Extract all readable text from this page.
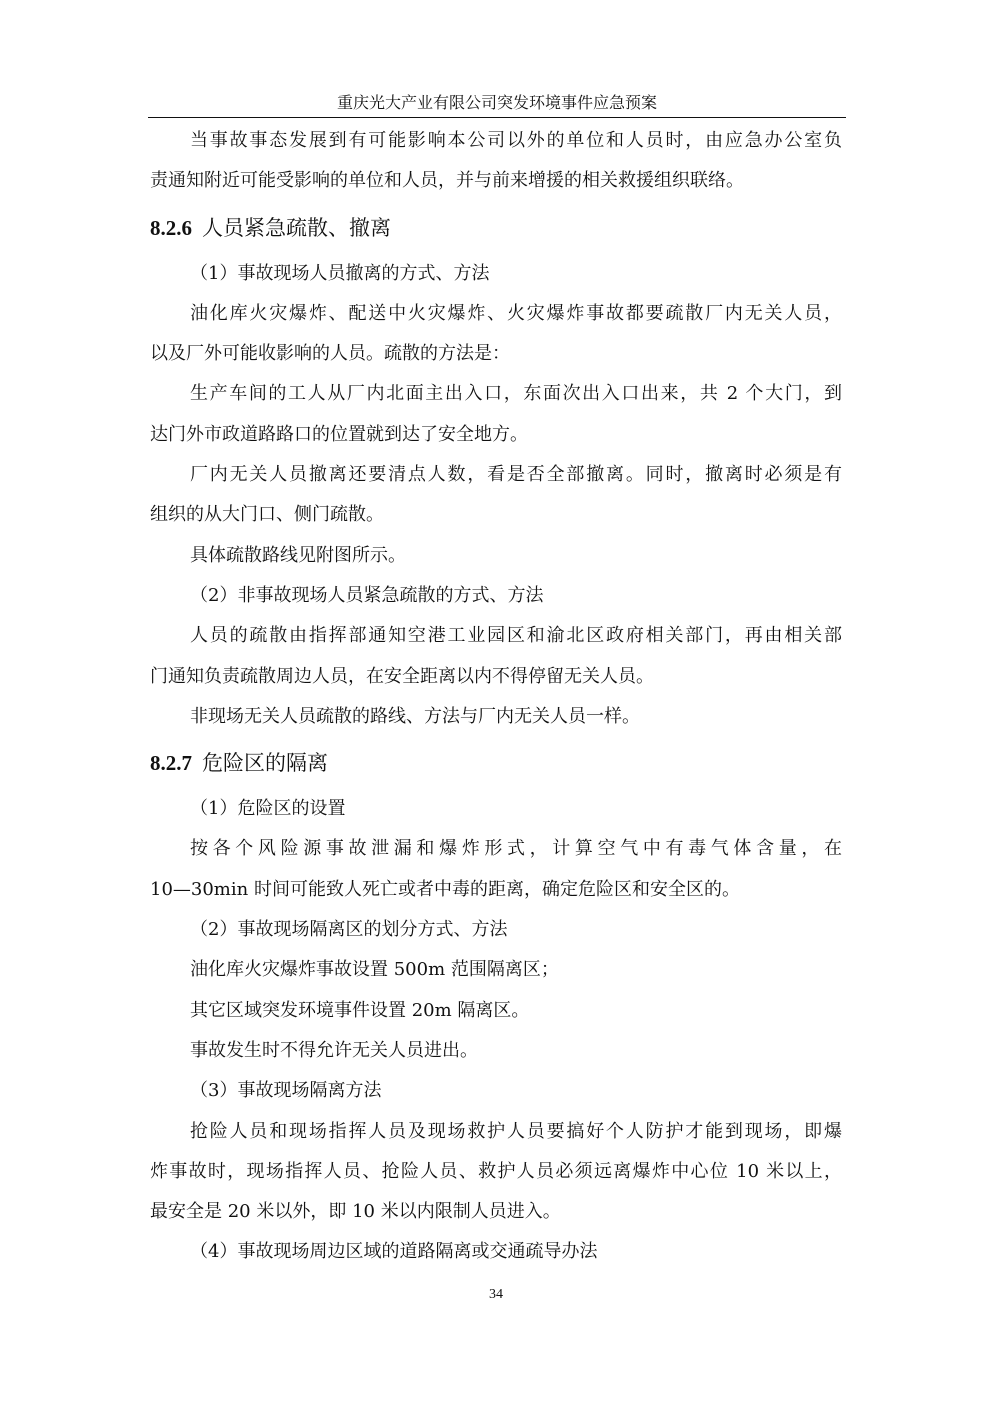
重庆光大产业有限公司突发环境事件应急预案
当事故事态发展到有可能影响本公司以外的单位和人员时，由应急办公室负
责通知附近可能受影响的单位和人员，并与前来增援的相关救援组织联络。
8.2.6 人员紧急疏散、撤离
（1）事故现场人员撤离的方式、方法
油化库火灾爆炸、配送中火灾爆炸、火灾爆炸事故都要疏散厂内无关人员，
以及厂外可能收影响的人员。疏散的方法是：
生产车间的工人从厂内北面主出入口，东面次出入口出来，共 2 个大门，到
达门外市政道路路口的位置就到达了安全地方。
厂内无关人员撤离还要清点人数，看是否全部撤离。同时，撤离时必须是有
组织的从大门口、侧门疏散。
具体疏散路线见附图所示。
（2）非事故现场人员紧急疏散的方式、方法
人员的疏散由指挥部通知空港工业园区和渝北区政府相关部门，再由相关部
门通知负责疏散周边人员，在安全距离以内不得停留无关人员。
非现场无关人员疏散的路线、方法与厂内无关人员一样。
8.2.7 危险区的隔离
（1）危险区的设置
按各个风险源事故泄漏和爆炸形式，计算空气中有毒气体含量，在
10—30min 时间可能致人死亡或者中毒的距离，确定危险区和安全区的。
（2）事故现场隔离区的划分方式、方法
油化库火灾爆炸事故设置 500m 范围隔离区；
其它区域突发环境事件设置 20m 隔离区。
事故发生时不得允许无关人员进出。
（3）事故现场隔离方法
抢险人员和现场指挥人员及现场救护人员要搞好个人防护才能到现场，即爆
炸事故时，现场指挥人员、抢险人员、救护人员必须远离爆炸中心位 10 米以上，
最安全是 20 米以外，即 10 米以内限制人员进入。
（4）事故现场周边区域的道路隔离或交通疏导办法
34
